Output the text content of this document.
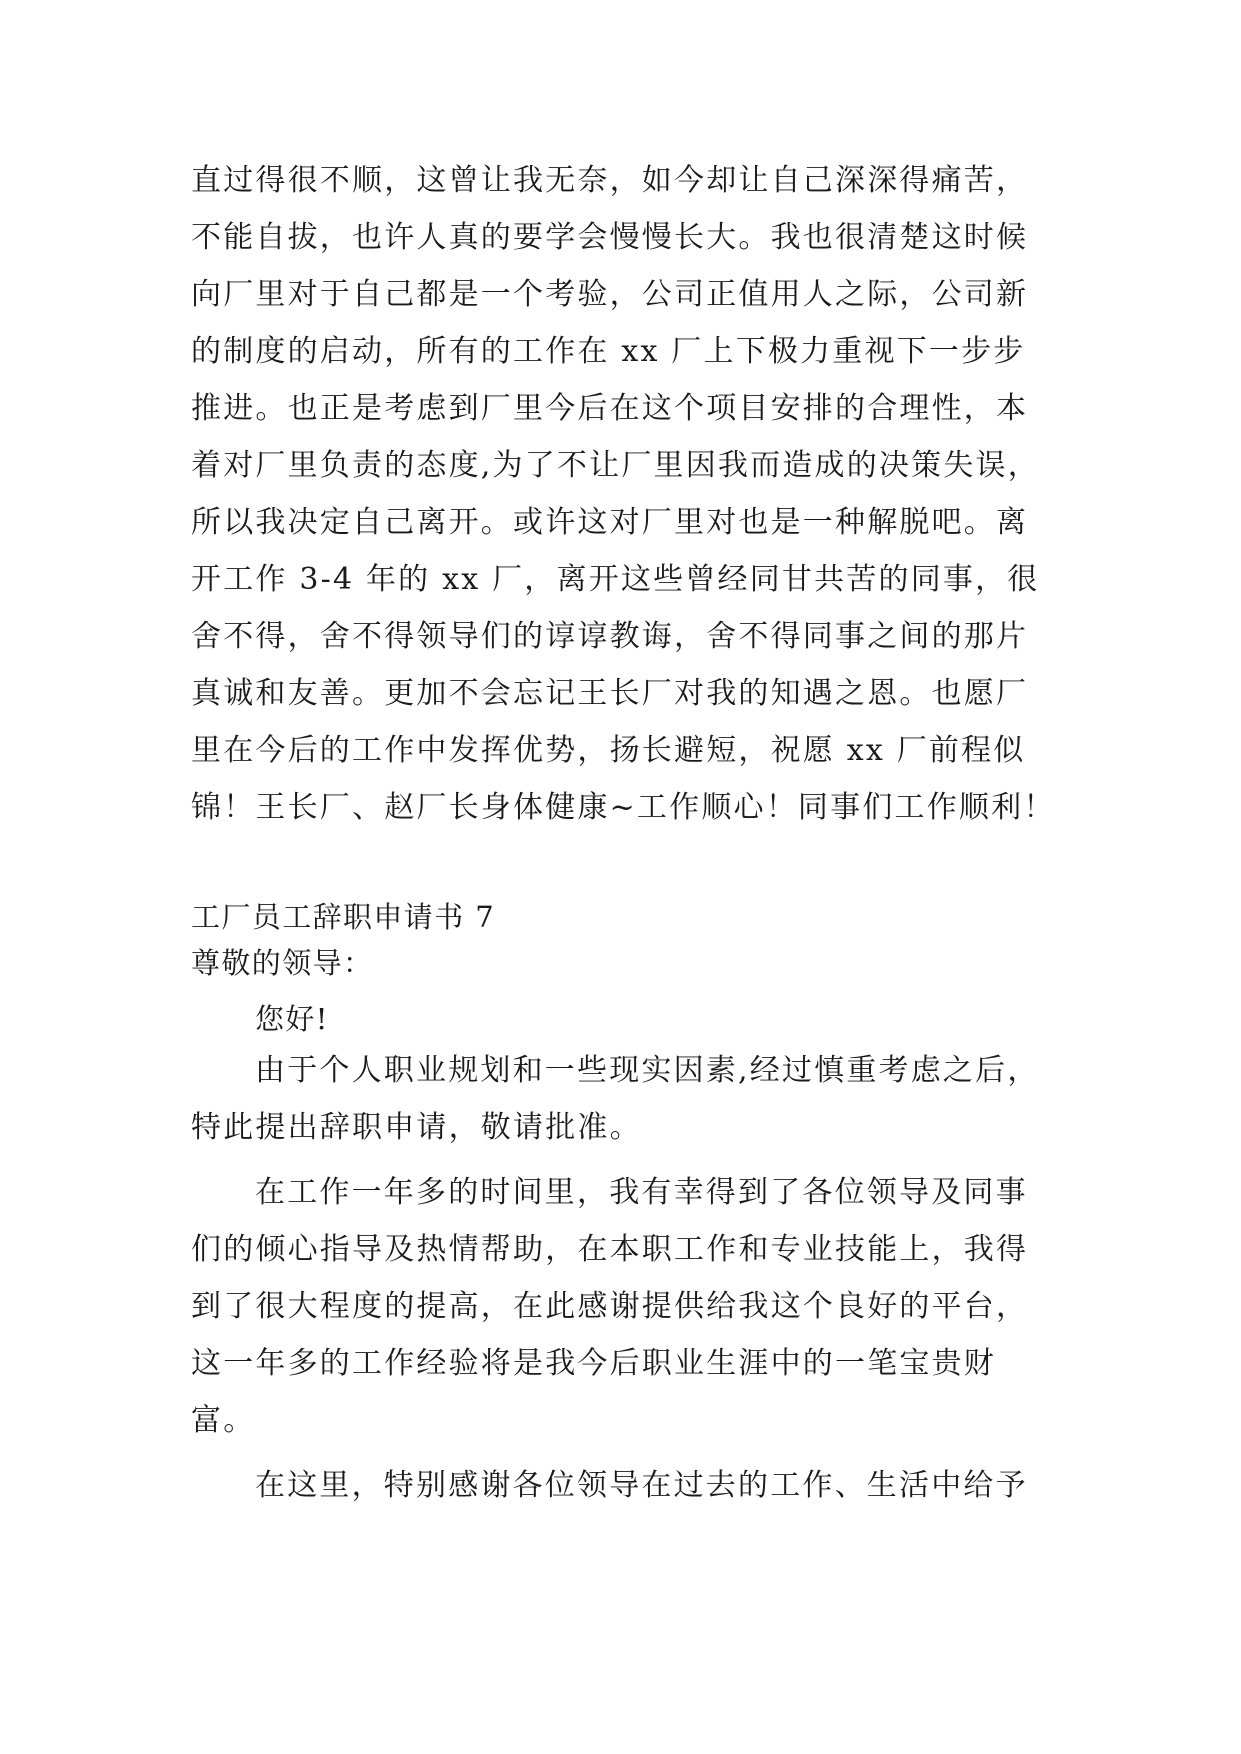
直过得很不顺，这曾让我无奈，如今却让自己深深得痛苦，

不能自拔，也许人真的要学会慢慢长大。我也很清楚这时候

向厂里对于自己都是一个考验，公司正值用人之际，公司新

的制度的启动，所有的工作在 xx 厂上下极力重视下一步步

推进。也正是考虑到厂里今后在这个项目安排的合理性，本

着对厂里负责的态度,为了不让厂里因我而造成的决策失误，

所以我决定自己离开。或许这对厂里对也是一种解脱吧。离

开工作 3-4 年的 xx 厂，离开这些曾经同甘共苦的同事，很

舍不得，舍不得领导们的谆谆教诲，舍不得同事之间的那片

真诚和友善。更加不会忘记王长厂对我的知遇之恩。也愿厂

里在今后的工作中发挥优势，扬长避短，祝愿 xx 厂前程似

锦！王长厂、赵厂长身体健康~工作顺心！同事们工作顺利！

工厂员工辞职申请书 7

尊敬的领导：

您好!

由于个人职业规划和一些现实因素,经过慎重考虑之后，

特此提出辞职申请，敬请批准。

在工作一年多的时间里，我有幸得到了各位领导及同事

们的倾心指导及热情帮助，在本职工作和专业技能上，我得

到了很大程度的提高，在此感谢提供给我这个良好的平台，

这一年多的工作经验将是我今后职业生涯中的一笔宝贵财

富。

在这里，特别感谢各位领导在过去的工作、生活中给予
